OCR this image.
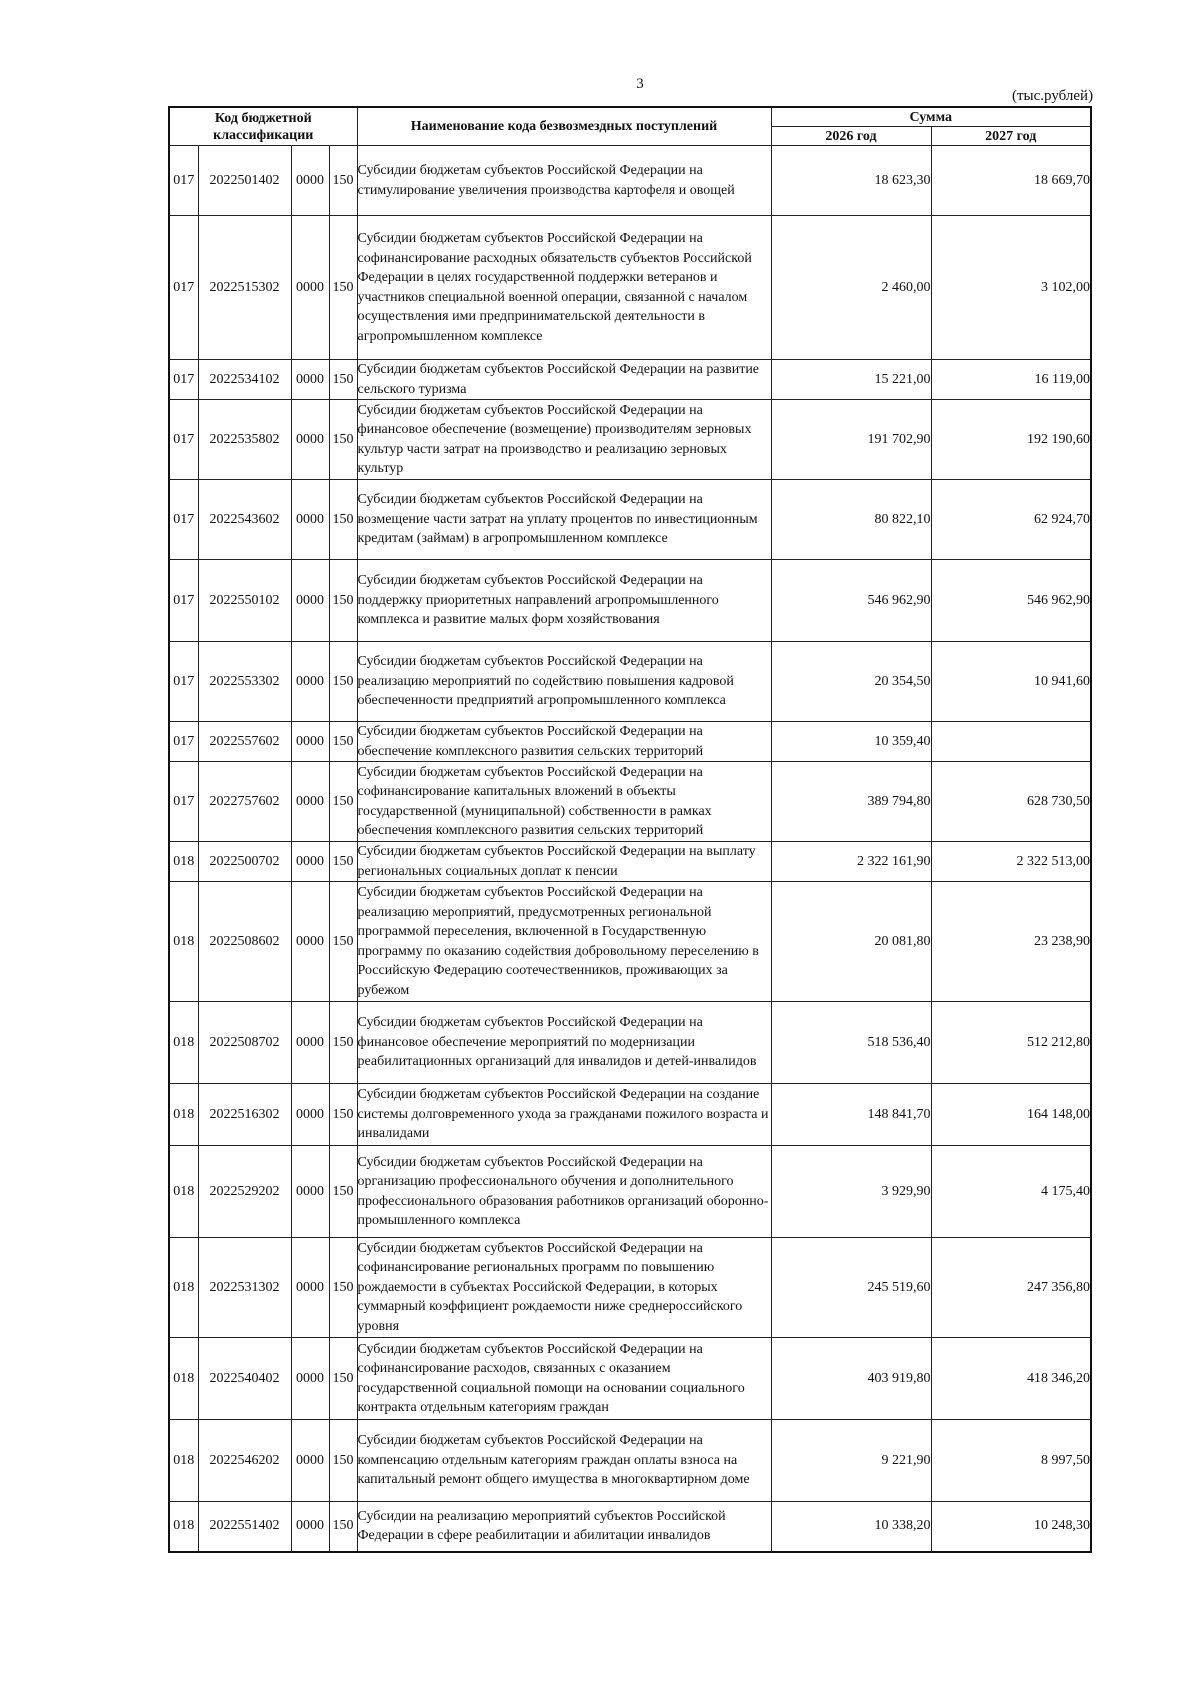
3
(тыс.рублей)
Код бюджетной классификации				Наименование кода безвозмездных поступлений	Сумма	
					2026 год	2027 год
017	2022501402	0000	150	Субсидии бюджетам субъектов Российской Федерации на стимулирование увеличения производства картофеля и овощей	18 623,30	18 669,70
017	2022515302	0000	150	Субсидии бюджетам субъектов Российской Федерации на софинансирование расходных обязательств субъектов Российской Федерации в целях государственной поддержки ветеранов и участников специальной военной операции, связанной с началом осуществления ими предпринимательской деятельности в агропромышленном комплексе	2 460,00	3 102,00
017	2022534102	0000	150	Субсидии бюджетам субъектов Российской Федерации на развитие сельского туризма	15 221,00	16 119,00
017	2022535802	0000	150	Субсидии бюджетам субъектов Российской Федерации на финансовое обеспечение (возмещение) производителям зерновых культур части затрат на производство и реализацию зерновых культур	191 702,90	192 190,60
017	2022543602	0000	150	Субсидии бюджетам субъектов Российской Федерации на возмещение части затрат на уплату процентов по инвестиционным кредитам (займам) в агропромышленном комплексе	80 822,10	62 924,70
017	2022550102	0000	150	Субсидии бюджетам субъектов Российской Федерации на поддержку приоритетных направлений агропромышленного комплекса и развитие малых форм хозяйствования	546 962,90	546 962,90
017	2022553302	0000	150	Субсидии бюджетам субъектов Российской Федерации на реализацию мероприятий по содействию повышения кадровой обеспеченности предприятий агропромышленного комплекса	20 354,50	10 941,60
017	2022557602	0000	150	Субсидии бюджетам субъектов Российской Федерации на обеспечение комплексного развития сельских территорий	10 359,40	
017	2022757602	0000	150	Субсидии бюджетам субъектов Российской Федерации на софинансирование капитальных вложений в объекты государственной (муниципальной) собственности в рамках обеспечения комплексного развития сельских территорий	389 794,80	628 730,50
018	2022500702	0000	150	Субсидии бюджетам субъектов Российской Федерации на выплату региональных социальных доплат к пенсии	2 322 161,90	2 322 513,00
018	2022508602	0000	150	Субсидии бюджетам субъектов Российской Федерации на реализацию мероприятий, предусмотренных региональной программой переселения, включенной в Государственную программу по оказанию содействия добровольному переселению в Российскую Федерацию соотечественников, проживающих за рубежом	20 081,80	23 238,90
018	2022508702	0000	150	Субсидии бюджетам субъектов Российской Федерации на финансовое обеспечение мероприятий по модернизации реабилитационных организаций для инвалидов и детей-инвалидов	518 536,40	512 212,80
018	2022516302	0000	150	Субсидии бюджетам субъектов Российской Федерации на создание системы долговременного ухода за гражданами пожилого возраста и инвалидами	148 841,70	164 148,00
018	2022529202	0000	150	Субсидии бюджетам субъектов Российской Федерации на организацию профессионального обучения и дополнительного профессионального образования работников организаций оборонно-промышленного комплекса	3 929,90	4 175,40
018	2022531302	0000	150	Субсидии бюджетам субъектов Российской Федерации на софинансирование региональных программ по повышению рождаемости в субъектах Российской Федерации, в которых суммарный коэффициент рождаемости ниже среднероссийского уровня	245 519,60	247 356,80
018	2022540402	0000	150	Субсидии бюджетам субъектов Российской Федерации на софинансирование расходов, связанных с оказанием государственной социальной помощи на основании социального контракта отдельным категориям граждан	403 919,80	418 346,20
018	2022546202	0000	150	Субсидии бюджетам субъектов Российской Федерации на компенсацию отдельным категориям граждан оплаты взноса на капитальный ремонт общего имущества в многоквартирном доме	9 221,90	8 997,50
018	2022551402	0000	150	Субсидии на реализацию мероприятий субъектов Российской Федерации в сфере реабилитации и абилитации инвалидов	10 338,20	10 248,30
